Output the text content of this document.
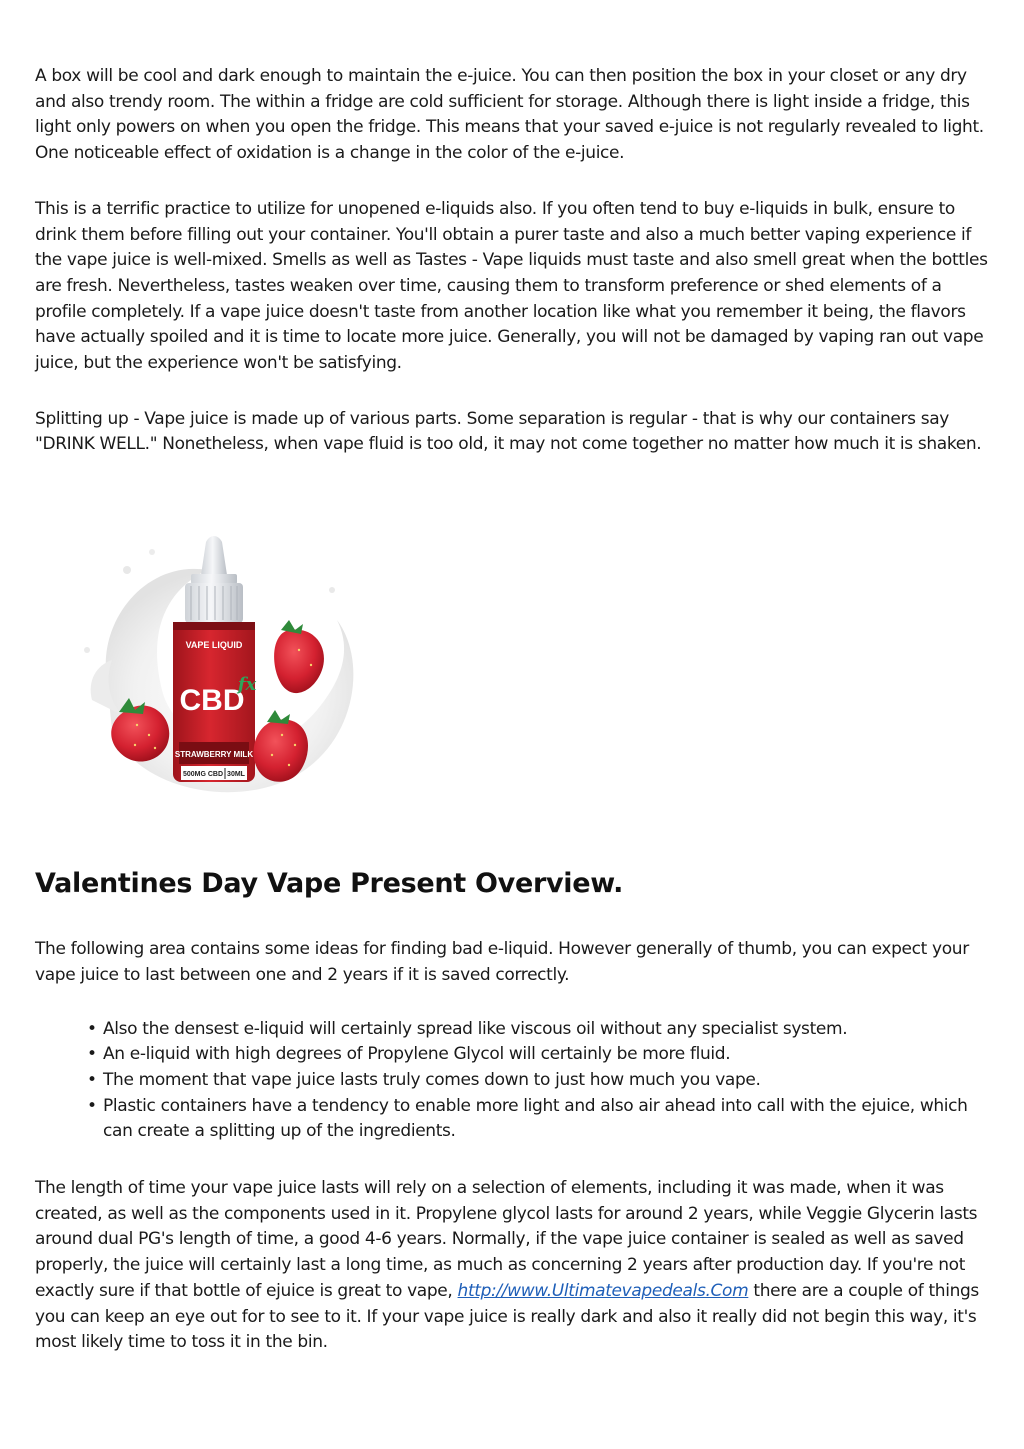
A box will be cool and dark enough to maintain the e-juice. You can then position the box in your closet or any dry and also trendy room. The within a fridge are cold sufficient for storage. Although there is light inside a fridge, this light only powers on when you open the fridge. This means that your saved e-juice is not regularly revealed to light. One noticeable effect of oxidation is a change in the color of the e-juice.

This is a terrific practice to utilize for unopened e-liquids also. If you often tend to buy e-liquids in bulk, ensure to drink them before filling out your container. You'll obtain a purer taste and also a much better vaping experience if the vape juice is well-mixed. Smells as well as Tastes - Vape liquids must taste and also smell great when the bottles are fresh. Nevertheless, tastes weaken over time, causing them to transform preference or shed elements of a profile completely. If a vape juice doesn't taste from another location like what you remember it being, the flavors have actually spoiled and it is time to locate more juice. Generally, you will not be damaged by vaping ran out vape juice, but the experience won't be satisfying.

Splitting up - Vape juice is made up of various parts. Some separation is regular - that is why our containers say "DRINK WELL." Nonetheless, when vape fluid is too old, it may not come together no matter how much it is shaken.

VAPE LIQUID
CBD
fx
STRAWBERRY MILK
500MG CBD 30ML
Valentines Day Vape Present Overview.

The following area contains some ideas for finding bad e-liquid. However generally of thumb, you can expect your vape juice to last between one and 2 years if it is saved correctly.

• Also the densest e-liquid will certainly spread like viscous oil without any specialist system.
• An e-liquid with high degrees of Propylene Glycol will certainly be more fluid.
• The moment that vape juice lasts truly comes down to just how much you vape.
• Plastic containers have a tendency to enable more light and also air ahead into call with the ejuice, which can create a splitting up of the ingredients.

The length of time your vape juice lasts will rely on a selection of elements, including it was made, when it was created, as well as the components used in it. Propylene glycol lasts for around 2 years, while Veggie Glycerin lasts around dual PG's length of time, a good 4-6 years. Normally, if the vape juice container is sealed as well as saved properly, the juice will certainly last a long time, as much as concerning 2 years after production day. If you're not exactly sure if that bottle of ejuice is great to vape, http://www.Ultimatevapedeals.Com there are a couple of things you can keep an eye out for to see to it. If your vape juice is really dark and also it really did not begin this way, it's most likely time to toss it in the bin.
